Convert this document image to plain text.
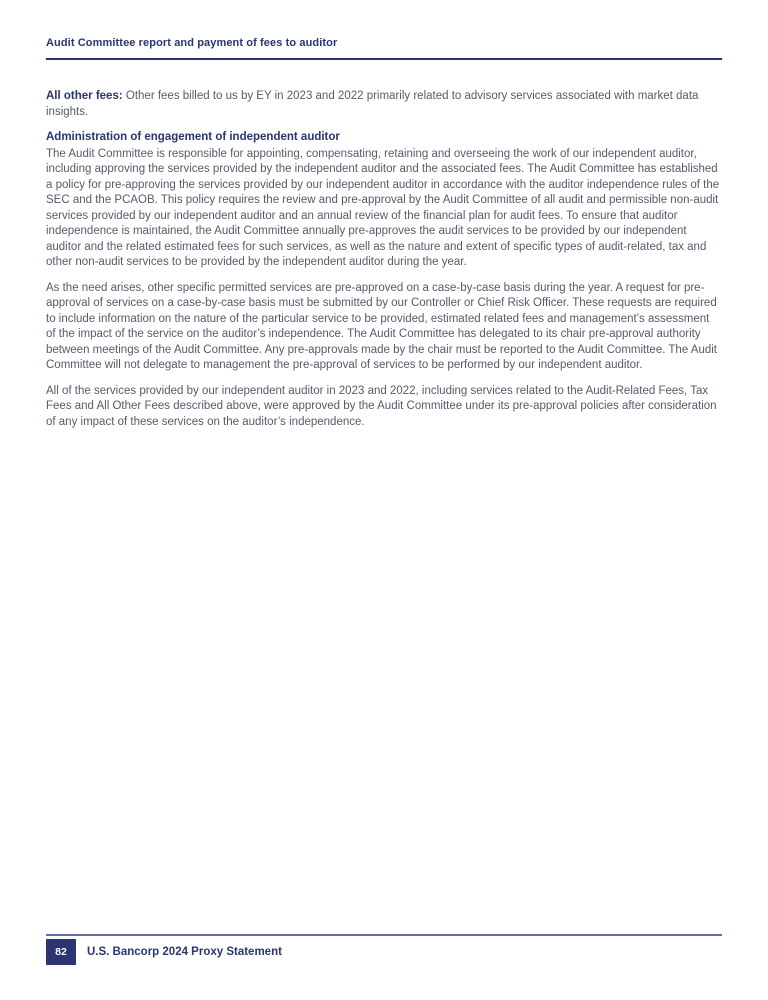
Audit Committee report and payment of fees to auditor

All other fees: Other fees billed to us by EY in 2023 and 2022 primarily related to advisory services associated with market data insights.

Administration of engagement of independent auditor

The Audit Committee is responsible for appointing, compensating, retaining and overseeing the work of our independent auditor, including approving the services provided by the independent auditor and the associated fees. The Audit Committee has established a policy for pre-approving the services provided by our independent auditor in accordance with the auditor independence rules of the SEC and the PCAOB. This policy requires the review and pre-approval by the Audit Committee of all audit and permissible non-audit services provided by our independent auditor and an annual review of the financial plan for audit fees. To ensure that auditor independence is maintained, the Audit Committee annually pre-approves the audit services to be provided by our independent auditor and the related estimated fees for such services, as well as the nature and extent of specific types of audit-related, tax and other non-audit services to be provided by the independent auditor during the year.

As the need arises, other specific permitted services are pre-approved on a case-by-case basis during the year. A request for pre-approval of services on a case-by-case basis must be submitted by our Controller or Chief Risk Officer. These requests are required to include information on the nature of the particular service to be provided, estimated related fees and management’s assessment of the impact of the service on the auditor’s independence. The Audit Committee has delegated to its chair pre-approval authority between meetings of the Audit Committee. Any pre-approvals made by the chair must be reported to the Audit Committee. The Audit Committee will not delegate to management the pre-approval of services to be performed by our independent auditor.

All of the services provided by our independent auditor in 2023 and 2022, including services related to the Audit-Related Fees, Tax Fees and All Other Fees described above, were approved by the Audit Committee under its pre-approval policies after consideration of any impact of these services on the auditor’s independence.

82	U.S. Bancorp 2024 Proxy Statement
